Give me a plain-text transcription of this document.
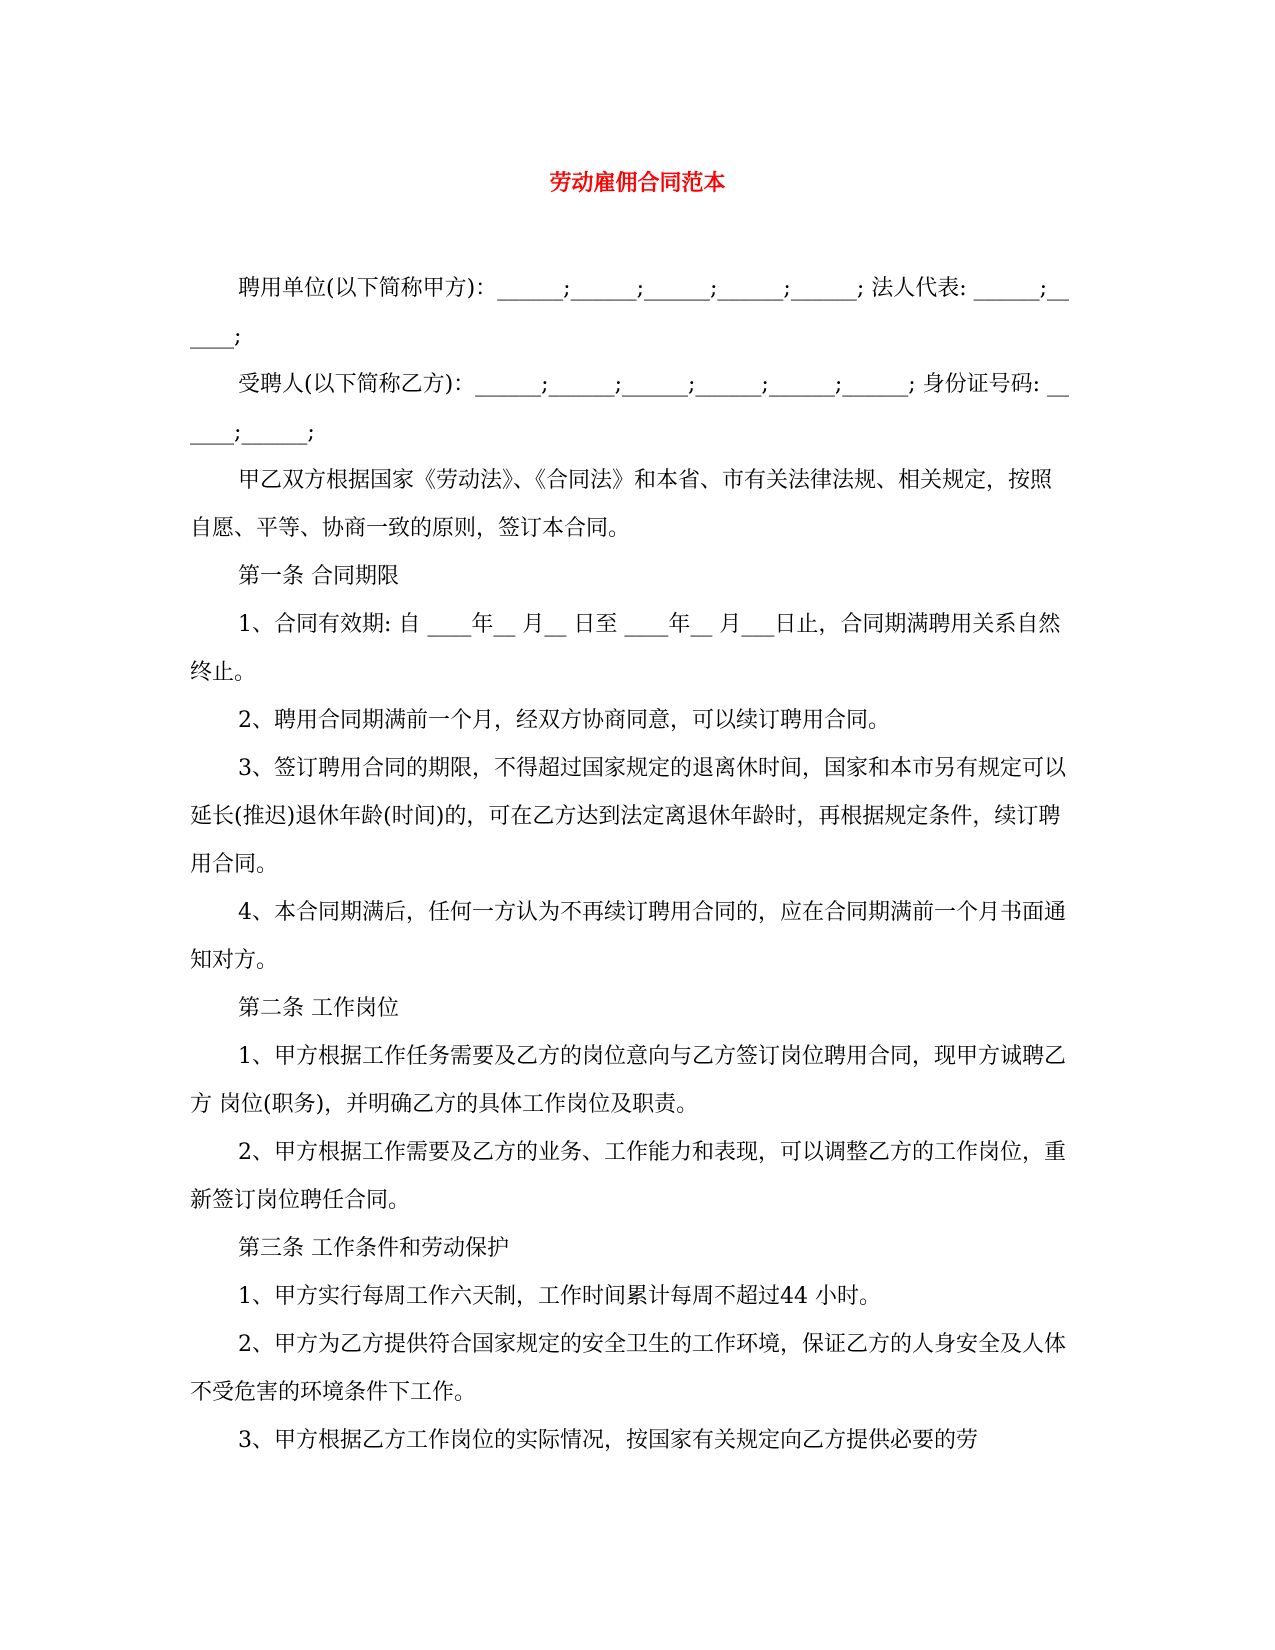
劳动雇佣合同范本

聘用单位(以下简称甲方)：______;______;______;______;______; 法人代表: ______;______;

受聘人(以下简称乙方)：______;______;______;______;______;______; 身份证号码: ______;______;

甲乙双方根据国家《劳动法》、《合同法》和本省、市有关法律法规、相关规定，按照自愿、平等、协商一致的原则，签订本合同。

第一条 合同期限

1、合同有效期: 自 ____年__ 月__ 日至 ____年__ 月___日止，合同期满聘用关系自然终止。

2、聘用合同期满前一个月，经双方协商同意，可以续订聘用合同。

3、签订聘用合同的期限，不得超过国家规定的退离休时间，国家和本市另有规定可以延长(推迟)退休年龄(时间)的，可在乙方达到法定离退休年龄时，再根据规定条件，续订聘用合同。

4、本合同期满后，任何一方认为不再续订聘用合同的，应在合同期满前一个月书面通知对方。

第二条 工作岗位

1、甲方根据工作任务需要及乙方的岗位意向与乙方签订岗位聘用合同，现甲方诚聘乙方 岗位(职务)，并明确乙方的具体工作岗位及职责。

2、甲方根据工作需要及乙方的业务、工作能力和表现，可以调整乙方的工作岗位，重新签订岗位聘任合同。

第三条 工作条件和劳动保护

1、甲方实行每周工作六天制，工作时间累计每周不超过44 小时。

2、甲方为乙方提供符合国家规定的安全卫生的工作环境，保证乙方的人身安全及人体不受危害的环境条件下工作。

3、甲方根据乙方工作岗位的实际情况，按国家有关规定向乙方提供必要的劳
